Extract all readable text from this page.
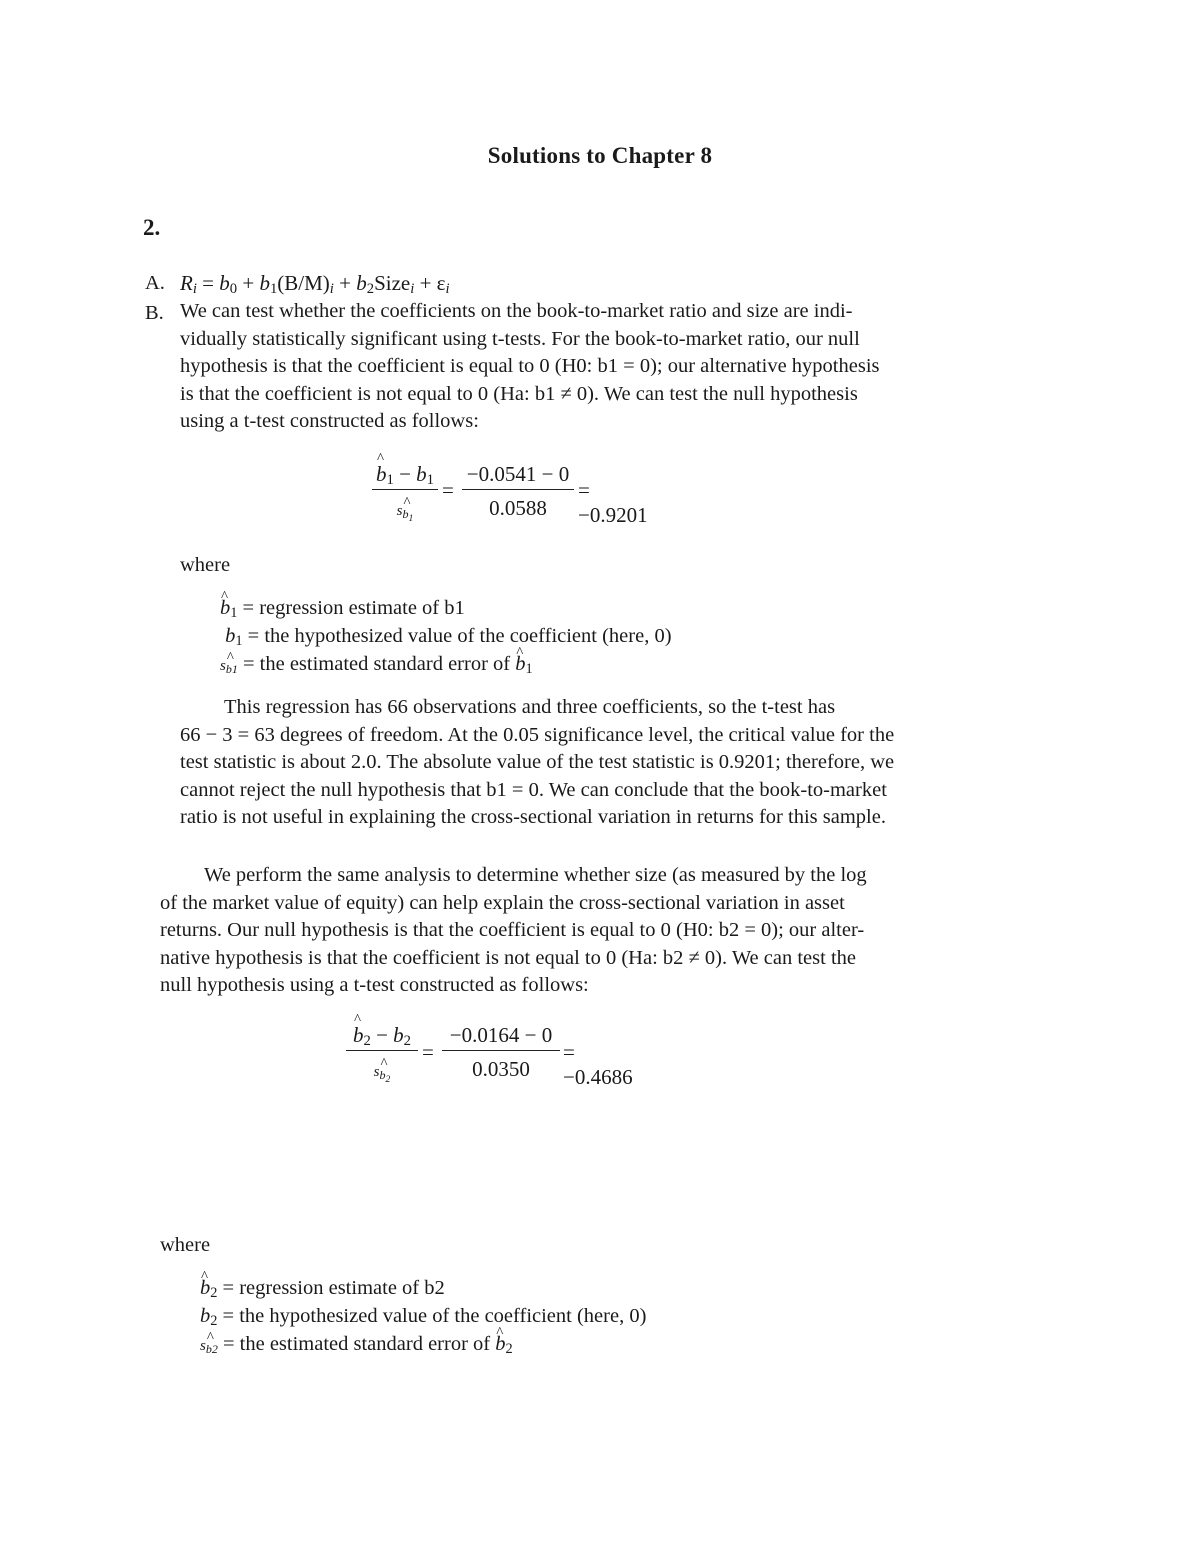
Solutions to Chapter 8
2.
A. $R_i = b_0 + b_1(B/M)_i$ + $b_2Size_i + \varepsilon_i$
B. We can test whether the coefficients on the book-to-market ratio and size are indi-
vidually statistically significant using t-tests. For the book-to-market ratio, our null
hypothesis is that the coefficient is equal to 0 (H0: b1 = 0); our alternative hypothesis
is that the coefficient is not equal to 0 (Ha: b1 ≠ 0). We can test the null hypothesis
using a t-test constructed as follows:
^ $\frac{b_1 - b_1}{s_{b_1}} = \frac{-0.0541 - 0}{0.0588} = -0.9201$
where
^ $b_1$ = regression estimate of b1
$b_1$ = the hypothesized value of the coefficient (here, 0)
$s_{b1}$ = the estimated standard error of ^ $b_1$
This regression has 66 observations and three coefficients, so the t-test has
66 − 3 = 63 degrees of freedom. At the 0.05 significance level, the critical value for the
test statistic is about 2.0. The absolute value of the test statistic is 0.9201; therefore, we
cannot reject the null hypothesis that b1 = 0. We can conclude that the book-to-market
ratio is not useful in explaining the cross-sectional variation in returns for this sample.
We perform the same analysis to determine whether size (as measured by the log
of the market value of equity) can help explain the cross-sectional variation in asset
returns. Our null hypothesis is that the coefficient is equal to 0 (H0: b2 = 0); our alter-
native hypothesis is that the coefficient is not equal to 0 (Ha: b2 ≠ 0). We can test the
null hypothesis using a t-test constructed as follows:
^ $\frac{b_2 - b_2}{s_{b_2}} = \frac{-0.0164 - 0}{0.0350} = -0.4686$
where
^ $b_2$ = regression estimate of b2
$b_2$ = the hypothesized value of the coefficient (here, 0)
$s_{b2}$ = the estimated standard error of ^ $b_2$
